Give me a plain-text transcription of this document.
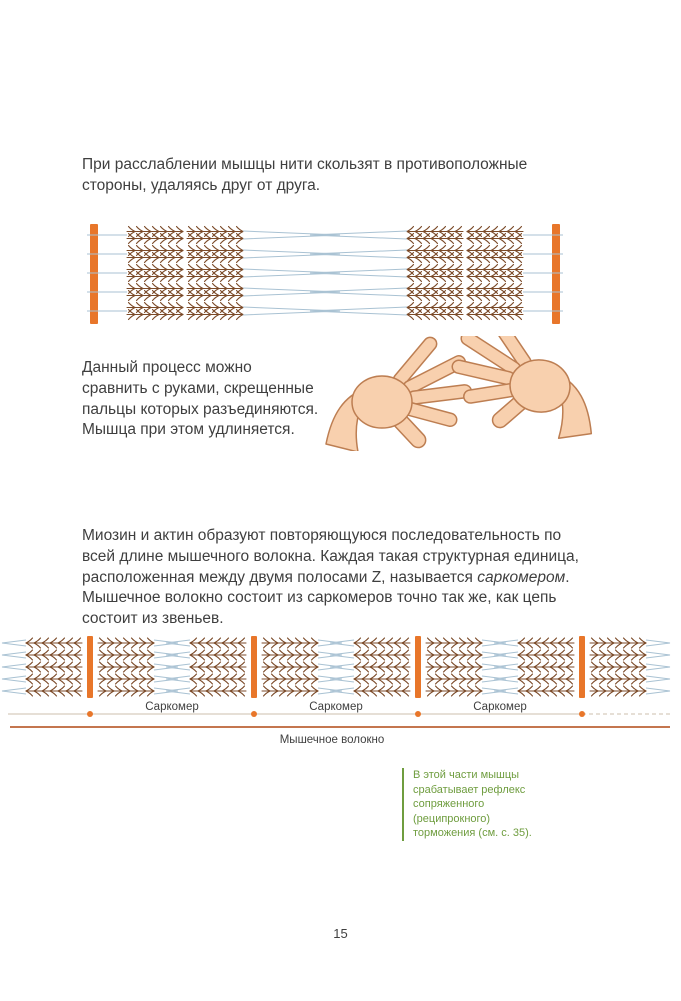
При расслаблении мышцы нити скользят в противоположные стороны, удаляясь друг от друга.

Данный процесс можно сравнить с руками, скрещенные пальцы которых разъединяются. Мышца при этом удлиняется.

Миозин и актин образуют повторяющуюся последовательность по всей длине мышечного волокна. Каждая такая структурная единица, расположенная между двумя полосами Z, называется саркомером. Мышечное волокно состоит из саркомеров точно так же, как цепь состоит из звеньев.

Саркомер	Саркомер	Саркомер
Мышечное волокно
В этой части мышцы срабатывает рефлекс сопряженного (реципрокного) торможения (см. с. 35).
15
